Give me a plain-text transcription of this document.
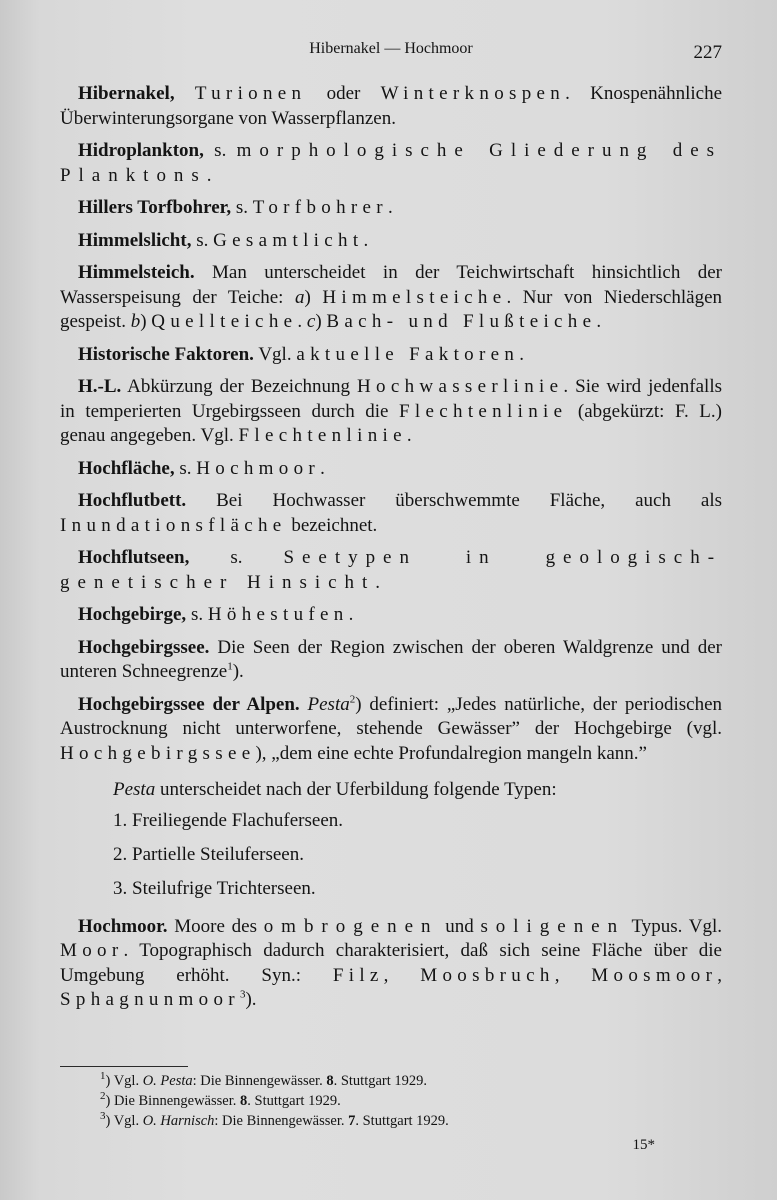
Hibernakel — Hochmoor	227

Hibernakel, Turionen oder Winterknospen. Knospenähnliche Überwinterungsorgane von Wasserpflanzen.

Hidroplankton, s. morphologische Gliederung des Planktons.

Hillers Torfbohrer, s. Torfbohrer.

Himmelslicht, s. Gesamtlicht.

Himmelsteich. Man unterscheidet in der Teichwirtschaft hinsichtlich der Wasserspeisung der Teiche: a) Himmelsteiche. Nur von Niederschlägen gespeist. b) Quellteiche. c) Bach- und Flußteiche.

Historische Faktoren. Vgl. aktuelle Faktoren.

H.-L. Abkürzung der Bezeichnung Hochwasserlinie. Sie wird jedenfalls in temperierten Urgebirgsseen durch die Flechtenlinie (abgekürzt: F. L.) genau angegeben. Vgl. Flechtenlinie.

Hochfläche, s. Hochmoor.

Hochflutbett. Bei Hochwasser überschwemmte Fläche, auch als Inundationsfläche bezeichnet.

Hochflutseen, s. Seetypen in geologisch-genetischer Hinsicht.

Hochgebirge, s. Höhestufen.

Hochgebirgssee. Die Seen der Region zwischen der oberen Waldgrenze und der unteren Schneegrenze$^1$).

Hochgebirgssee der Alpen. Pesta$^2$) definiert: „Jedes natürliche, der periodischen Austrocknung nicht unterworfene, stehende Gewässer” der Hochgebirge (vgl. Hochgebirgssee), „dem eine echte Profundalregion mangeln kann.”

Pesta unterscheidet nach der Uferbildung folgende Typen:

1. Freiliegende Flachuferseen.
2. Partielle Steiluferseen.
3. Steilufrige Trichterseen.

Hochmoor. Moore des ombrogenen und soligenen Typus. Vgl. Moor. Topographisch dadurch charakterisiert, daß sich seine Fläche über die Umgebung erhöht. Syn.: Filz, Moosbruch, Moosmoor, Sphagnunmoor$^3$).

$^1$) Vgl. O. Pesta: Die Binnengewässer. 8. Stuttgart 1929.

$^2$) Die Binnengewässer. 8. Stuttgart 1929.

$^3$) Vgl. O. Harnisch: Die Binnengewässer. 7. Stuttgart 1929.

15*
